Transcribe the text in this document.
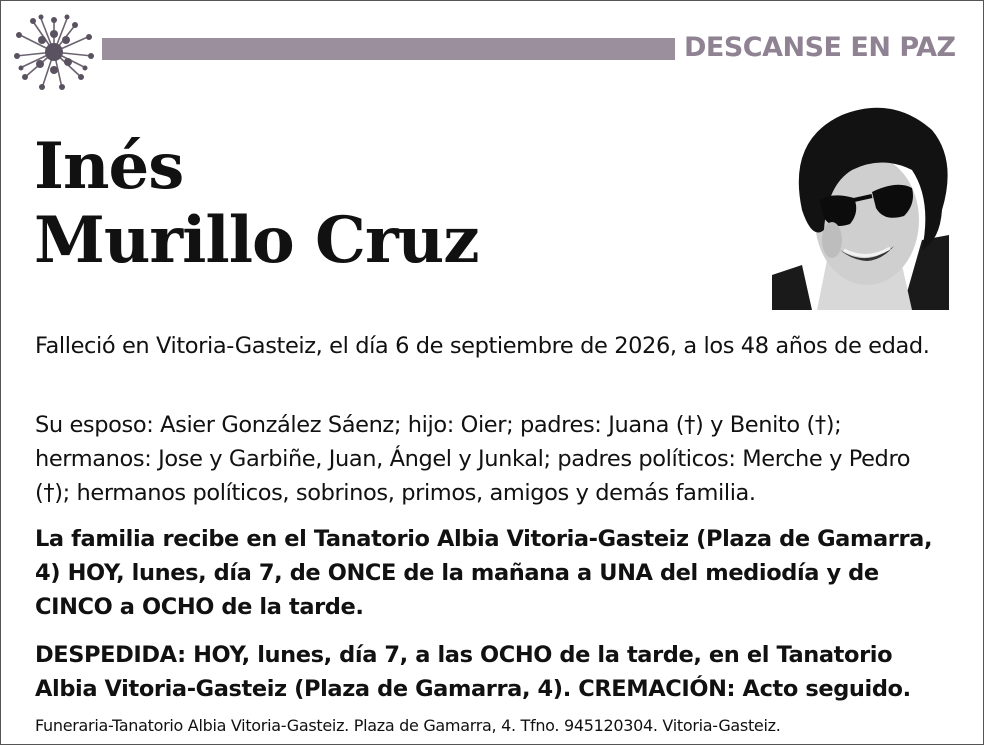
DESCANSE EN PAZ
Inés
Murillo Cruz
Falleció en Vitoria-Gasteiz, el día 6 de septiembre de 2026, a los 48 años de edad.
Su esposo: Asier González Sáenz; hijo: Oier; padres: Juana (†) y Benito (†); hermanos: Jose y Garbiñe, Juan, Ángel y Junkal; padres políticos: Merche y Pedro (†); hermanos políticos, sobrinos, primos, amigos y demás familia.
La familia recibe en el Tanatorio Albia Vitoria-Gasteiz (Plaza de Gamarra, 4) HOY, lunes, día 7, de ONCE de la mañana a UNA del mediodía y de CINCO a OCHO de la tarde.
DESPEDIDA: HOY, lunes, día 7, a las OCHO de la tarde, en el Tanatorio Albia Vitoria-Gasteiz (Plaza de Gamarra, 4). CREMACIÓN: Acto seguido.
Funeraria-Tanatorio Albia Vitoria-Gasteiz. Plaza de Gamarra, 4. Tfno. 945120304. Vitoria-Gasteiz.
